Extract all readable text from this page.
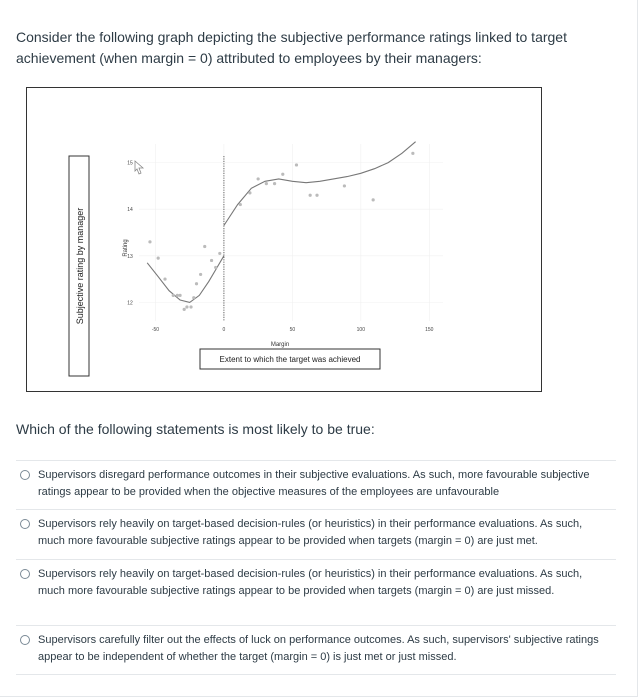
Consider the following graph depicting the subjective performance ratings linked to target achievement (when margin = 0) attributed to employees by their managers:

Subjective rating by manager	Rating
Margin
Extent to which the target was achieved
-50	0	50	100	150
12
13
14
15

Which of the following statements is most likely to be true:

Supervisors disregard performance outcomes in their subjective evaluations. As such, more favourable subjective ratings appear to be provided when the objective measures of the employees are unfavourable
Supervisors rely heavily on target-based decision-rules (or heuristics) in their performance evaluations. As such, much more favourable subjective ratings appear to be provided when targets (margin = 0) are just met.
Supervisors rely heavily on target-based decision-rules (or heuristics) in their performance evaluations. As such, much more favourable subjective ratings appear to be provided when targets (margin = 0) are just missed.
Supervisors carefully filter out the effects of luck on performance outcomes. As such, supervisors' subjective ratings appear to be independent of whether the target (margin = 0) is just met or just missed.
